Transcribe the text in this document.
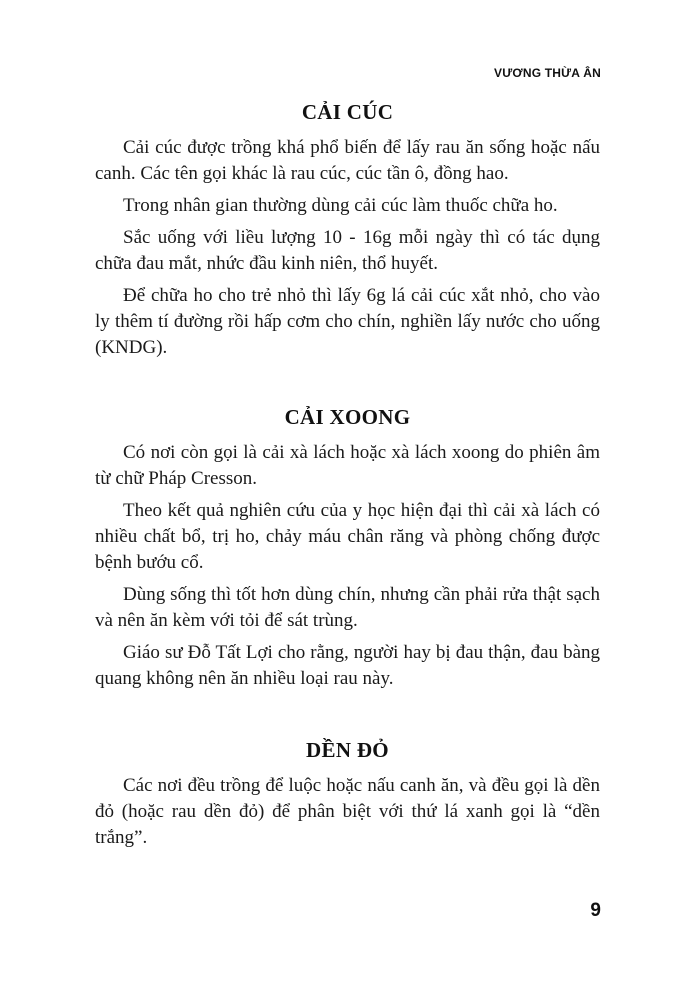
VƯƠNG THỪA ÂN
CẢI CÚC

Cải cúc được trồng khá phổ biến để lấy rau ăn sống hoặc nấu canh. Các tên gọi khác là rau cúc, cúc tần ô, đồng hao.

Trong nhân gian thường dùng cải cúc làm thuốc chữa ho.

Sắc uống với liều lượng 10 - 16g mỗi ngày thì có tác dụng chữa đau mắt, nhức đầu kinh niên, thổ huyết.

Để chữa ho cho trẻ nhỏ thì lấy 6g lá cải cúc xắt nhỏ, cho vào ly thêm tí đường rồi hấp cơm cho chín, nghiền lấy nước cho uống (KNDG).

CẢI XOONG

Có nơi còn gọi là cải xà lách hoặc xà lách xoong do phiên âm từ chữ Pháp Cresson.

Theo kết quả nghiên cứu của y học hiện đại thì cải xà lách có nhiều chất bổ, trị ho, chảy máu chân răng và phòng chống được bệnh bướu cổ.

Dùng sống thì tốt hơn dùng chín, nhưng cần phải rửa thật sạch và nên ăn kèm với tỏi để sát trùng.

Giáo sư Đỗ Tất Lợi cho rằng, người hay bị đau thận, đau bàng quang không nên ăn nhiều loại rau này.

DỀN ĐỎ

Các nơi đều trồng để luộc hoặc nấu canh ăn, và đều gọi là dền đỏ (hoặc rau dền đỏ) để phân biệt với thứ lá xanh gọi là “dền trắng”.

9
